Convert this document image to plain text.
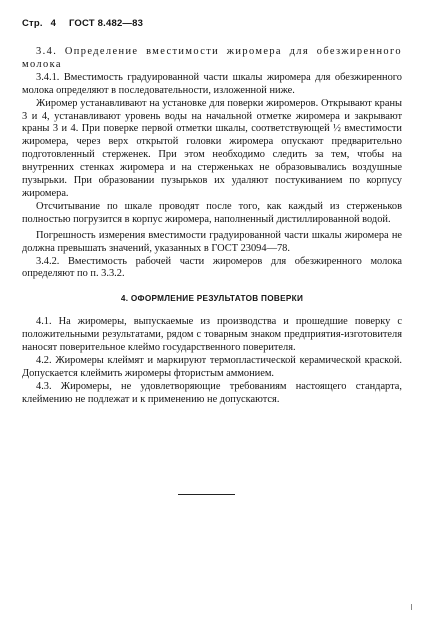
Стр. 4 ГОСТ 8.482—83

3.4. Определение вместимости жиромера для обезжиренного молока

3.4.1. Вместимость градуированной части шкалы жиромера для обезжиренного молока определяют в последовательности, изложенной ниже.

Жиромер устанавливают на установке для поверки жиромеров. Открывают краны 3 и 4, устанавливают уровень воды на начальной отметке жиромера и закрывают краны 3 и 4. При поверке первой отметки шкалы, соответствующей ½ вместимости жиромера, через верх открытой головки жиромера опускают предварительно подготовленный стерженек. При этом необходимо следить за тем, чтобы на внутренних стенках жиромера и на стерженьках не образовывались воздушные пузырьки. При образовании пузырьков их удаляют постукиванием по корпусу жиромера.

Отсчитывание по шкале проводят после того, как каждый из стерженьков полностью погрузится в корпус жиромера, наполненный дистиллированной водой.

Погрешность измерения вместимости градуированной части шкалы жиромера не должна превышать значений, указанных в ГОСТ 23094—78.

3.4.2. Вместимость рабочей части жиромеров для обезжиренного молока определяют по п. 3.3.2.

4. ОФОРМЛЕНИЕ РЕЗУЛЬТАТОВ ПОВЕРКИ

4.1. На жиромеры, выпускаемые из производства и прошедшие поверку с положительными результатами, рядом с товарным знаком предприятия-изготовителя наносят поверительное клеймо государственного поверителя.

4.2. Жиромеры клеймят и маркируют термопластической керамической краской. Допускается клеймить жиромеры фтористым аммонием.

4.3. Жиромеры, не удовлетворяющие требованиям настоящего стандарта, клеймению не подлежат и к применению не допускаются.
